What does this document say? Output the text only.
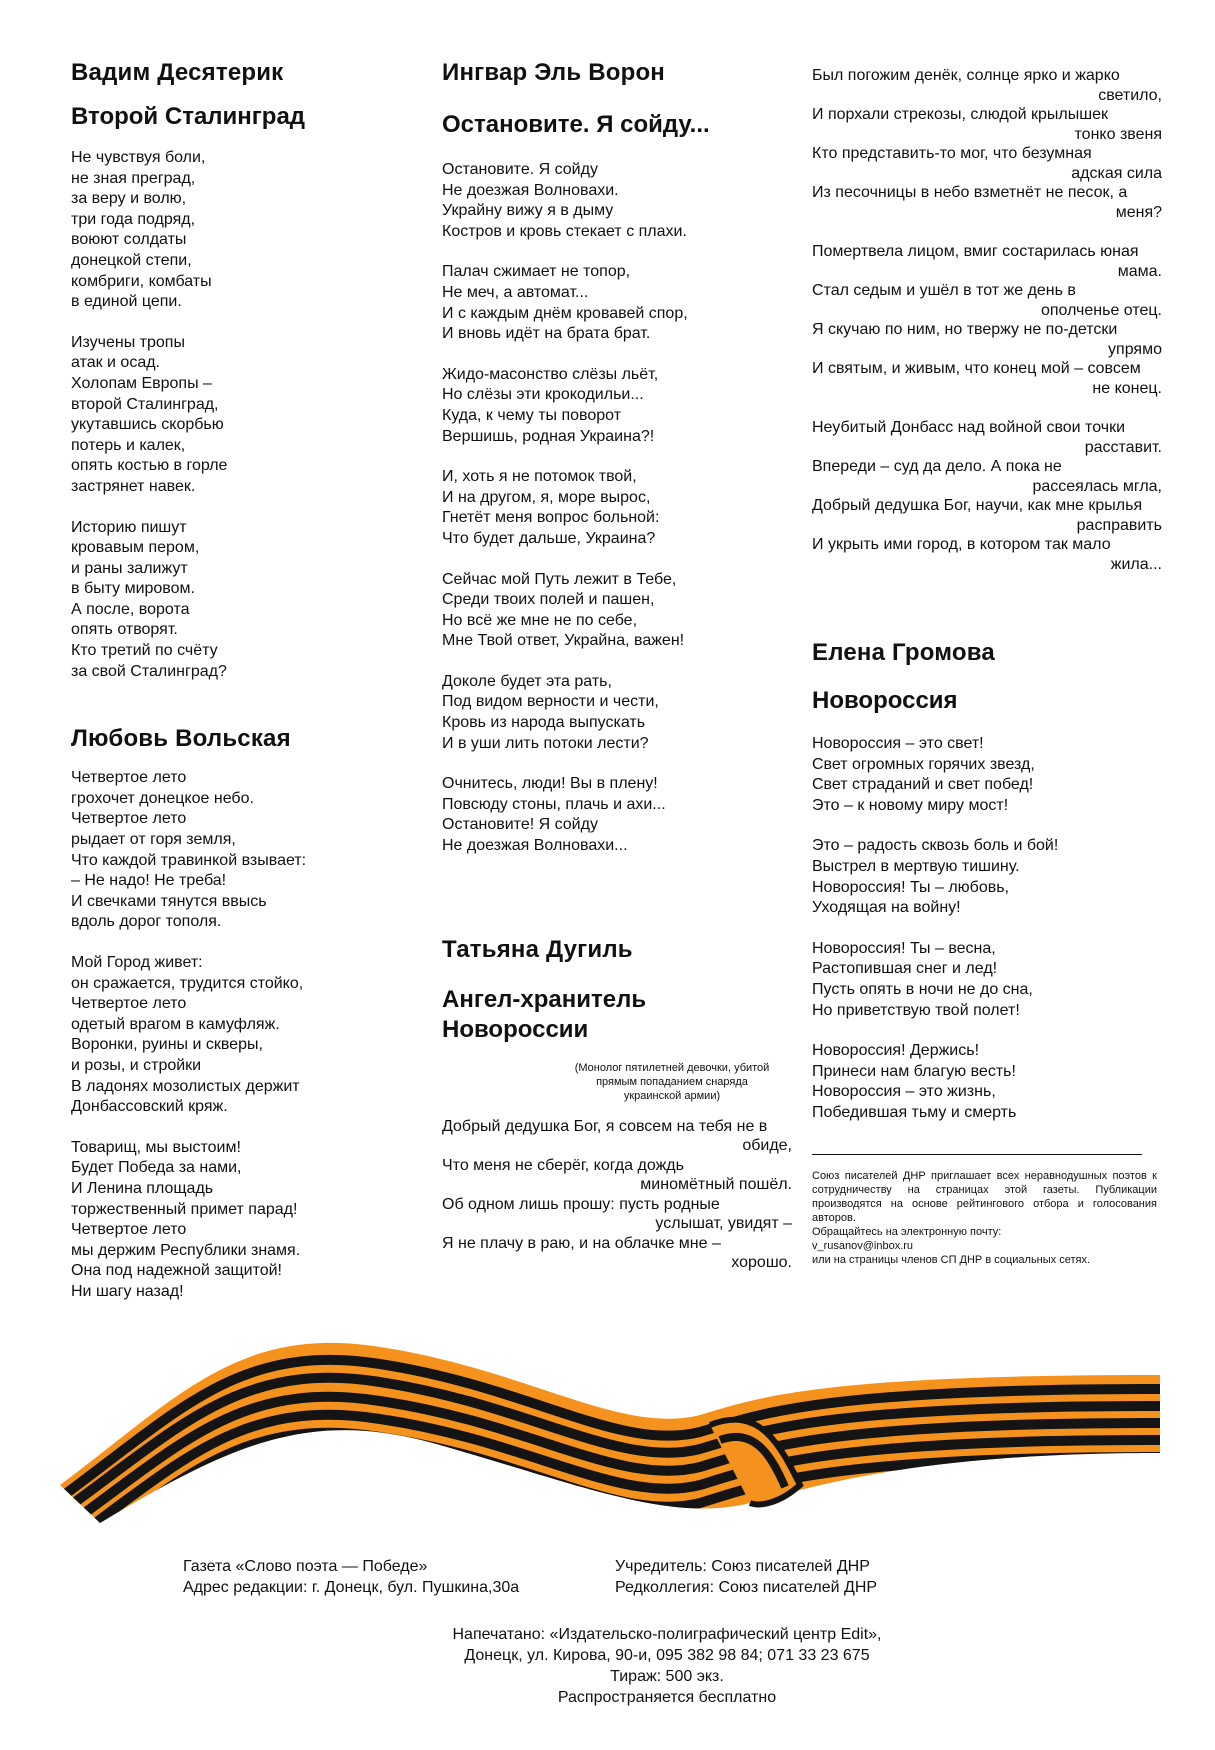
Вадим Десятерик
Второй Сталинград
Не чувствуя боли,
не зная преград,
за веру и волю,
три года подряд,
воюют солдаты
донецкой степи,
комбриги, комбаты
в единой цепи.
Изучены тропы
атак и осад.
Холопам Европы –
второй Сталинград,
укутавшись скорбью
потерь и калек,
опять костью в горле
застрянет навек.
Историю пишут
кровавым пером,
и раны залижут
в быту мировом.
А после, ворота
опять отворят.
Кто третий по счёту
за свой Сталинград?
Любовь Вольская
Четвертое лето
грохочет донецкое небо.
Четвертое лето
рыдает от горя земля,
Что каждой травинкой взывает:
– Не надо! Не треба!
И свечками тянутся ввысь
вдоль дорог тополя.
Мой Город живет:
он сражается, трудится стойко,
Четвертое лето
одетый врагом в камуфляж.
Воронки, руины и скверы,
и розы, и стройки
В ладонях мозолистых держит
Донбассовский кряж.
Товарищ, мы выстоим!
Будет Победа за нами,
И Ленина площадь
торжественный примет парад!
Четвертое лето
мы держим Республики знамя.
Она под надежной защитой!
Ни шагу назад!
Ингвар Эль Ворон
Остановите. Я сойду...
Остановите. Я сойду
Не доезжая Волновахи.
Украйну вижу я в дыму
Костров и кровь стекает с плахи.
Палач сжимает не топор,
Не меч, а автомат...
И с каждым днём кровавей спор,
И вновь идёт на брата брат.
Жидо-масонство слёзы льёт,
Но слёзы эти крокодильи...
Куда, к чему ты поворот
Вершишь, родная Украина?!
И, хоть я не потомок твой,
И на другом, я, море вырос,
Гнетёт меня вопрос больной:
Что будет дальше, Украина?
Сейчас мой Путь лежит в Тебе,
Среди твоих полей и пашен,
Но всё же мне не по себе,
Мне Твой ответ, Украйна, важен!
Доколе будет эта рать,
Под видом верности и чести,
Кровь из народа выпускать
И в уши лить потоки лести?
Очнитесь, люди! Вы в плену!
Повсюду стоны, плачь и ахи...
Остановите! Я сойду
Не доезжая Волновахи...
Татьяна Дугиль
Ангел-хранитель
Новороссии
(Монолог пятилетней девочки, убитой
прямым попаданием снаряда
украинской армии)
Добрый дедушка Бог, я совсем на тебя не в
обиде,
Что меня не сберёг, когда дождь
миномётный пошёл.
Об одном лишь прошу: пусть родные
услышат, увидят –
Я не плачу в раю, и на облачке мне –
хорошо.
Был погожим денёк, солнце ярко и жарко
светило,
И порхали стрекозы, слюдой крылышек
тонко звеня
Кто представить-то мог, что безумная
адская сила
Из песочницы в небо взметнёт не песок, а
меня?
Помертвела лицом, вмиг состарилась юная
мама.
Стал седым и ушёл в тот же день в
ополченье отец.
Я скучаю по ним, но твержу не по-детски
упрямо
И святым, и живым, что конец мой – совсем
не конец.
Неубитый Донбасс над войной свои точки
расставит.
Впереди – суд да дело. А пока не
рассеялась мгла,
Добрый дедушка Бог, научи, как мне крылья
расправить
И укрыть ими город, в котором так мало
жила...
Елена Громова
Новороссия
Новороссия – это свет!
Свет огромных горячих звезд,
Свет страданий и свет побед!
Это – к новому миру мост!
Это – радость сквозь боль и бой!
Выстрел в мертвую тишину.
Новороссия! Ты – любовь,
Уходящая на войну!
Новороссия! Ты – весна,
Растопившая снег и лед!
Пусть опять в ночи не до сна,
Но приветствую твой полет!
Новороссия! Держись!
Принеси нам благую весть!
Новороссия – это жизнь,
Победившая тьму и смерть
Союз писателей ДНР приглашает всех неравнодушных поэтов к сотрудничеству на страницах этой газеты. Публикации производятся на основе рейтингового отбора и голосования авторов.
Обращайтесь на электронную почту:
v_rusanov@inbox.ru
или на страницы членов СП ДНР в социальных сетях.
Газета «Слово поэта — Победе»
Адрес редакции: г. Донецк, бул. Пушкина,30а
Учредитель: Союз писателей ДНР
Редколлегия: Союз писателей ДНР
Напечатано: «Издательско-полиграфический центр Edit»,
Донецк, ул. Кирова, 90-и, 095 382 98 84; 071 33 23 675
Тираж: 500 экз.
Распространяется бесплатно
